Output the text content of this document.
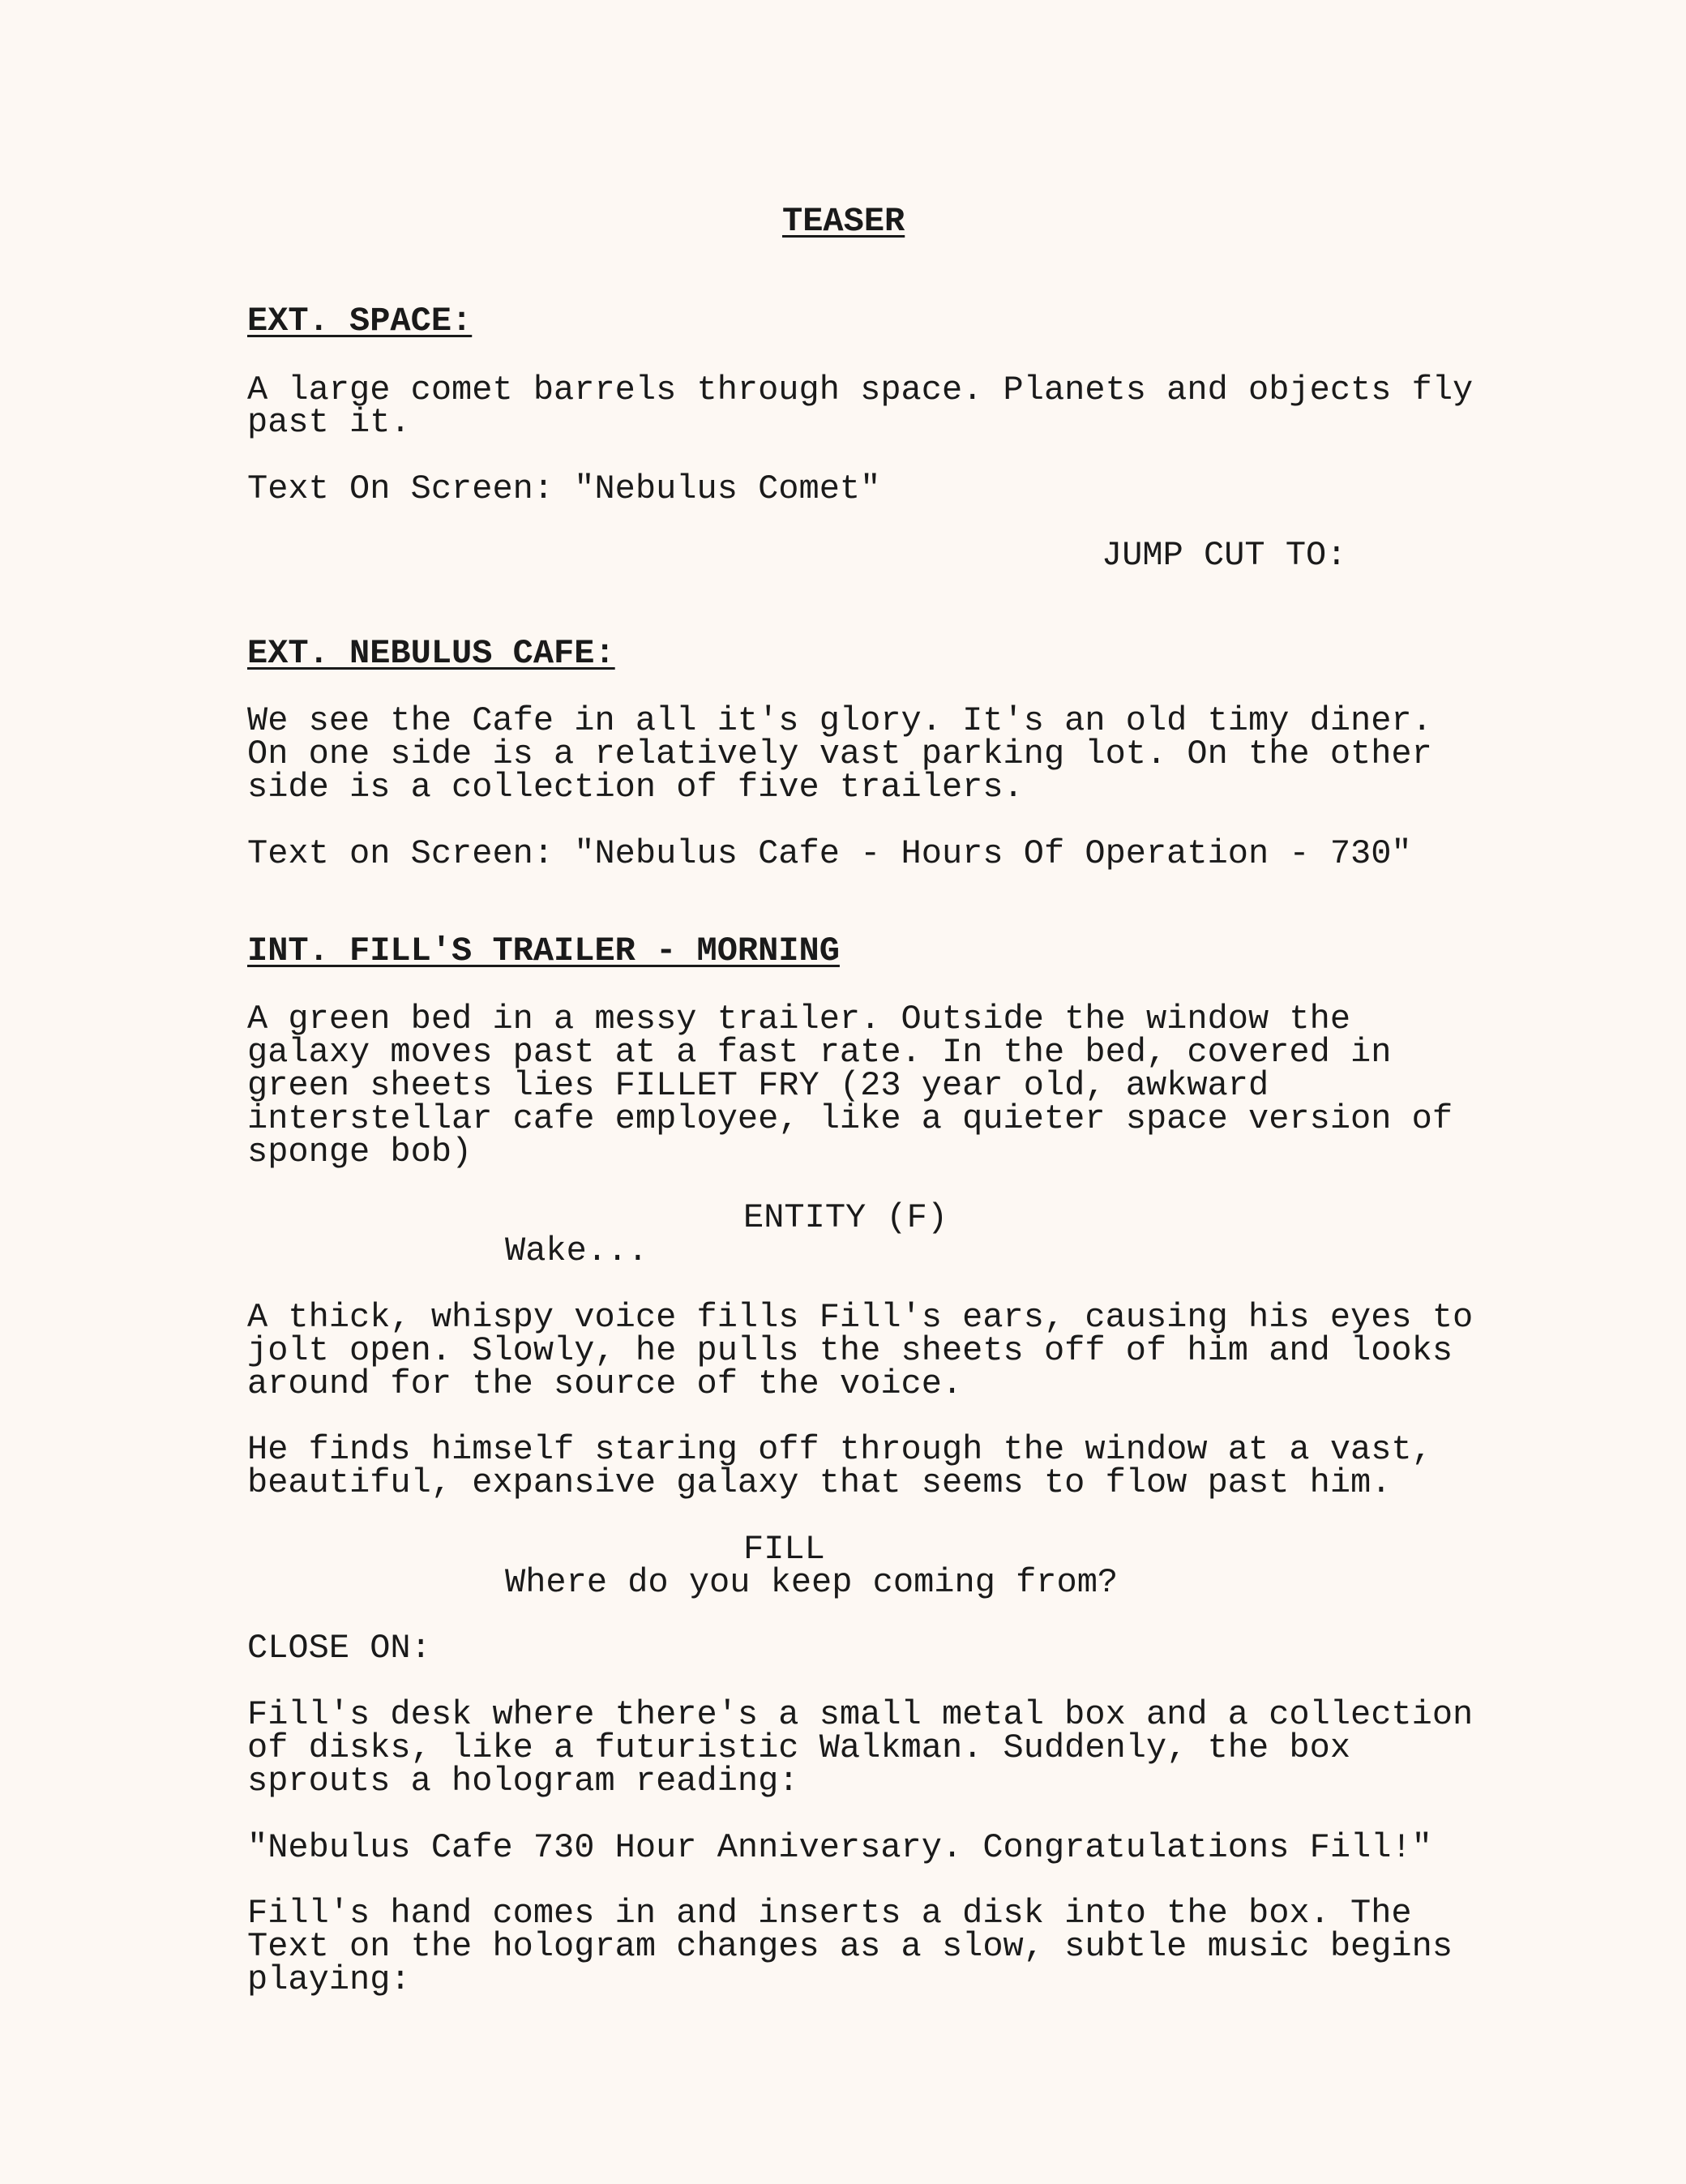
TEASER
EXT. SPACE:
A large comet barrels through space. Planets and objects fly
past it.
Text On Screen: "Nebulus Comet"
JUMP CUT TO:
EXT. NEBULUS CAFE:
We see the Cafe in all it's glory. It's an old timy diner.
On one side is a relatively vast parking lot. On the other
side is a collection of five trailers.
Text on Screen: "Nebulus Cafe - Hours Of Operation - 730"
INT. FILL'S TRAILER - MORNING
A green bed in a messy trailer. Outside the window the
galaxy moves past at a fast rate. In the bed, covered in
green sheets lies FILLET FRY (23 year old, awkward
interstellar cafe employee, like a quieter space version of
sponge bob)
ENTITY (F)
Wake...
A thick, whispy voice fills Fill's ears, causing his eyes to
jolt open. Slowly, he pulls the sheets off of him and looks
around for the source of the voice.
He finds himself staring off through the window at a vast,
beautiful, expansive galaxy that seems to flow past him.
FILL
Where do you keep coming from?
CLOSE ON:
Fill's desk where there's a small metal box and a collection
of disks, like a futuristic Walkman. Suddenly, the box
sprouts a hologram reading:
"Nebulus Cafe 730 Hour Anniversary. Congratulations Fill!"
Fill's hand comes in and inserts a disk into the box. The
Text on the hologram changes as a slow, subtle music begins
playing:
